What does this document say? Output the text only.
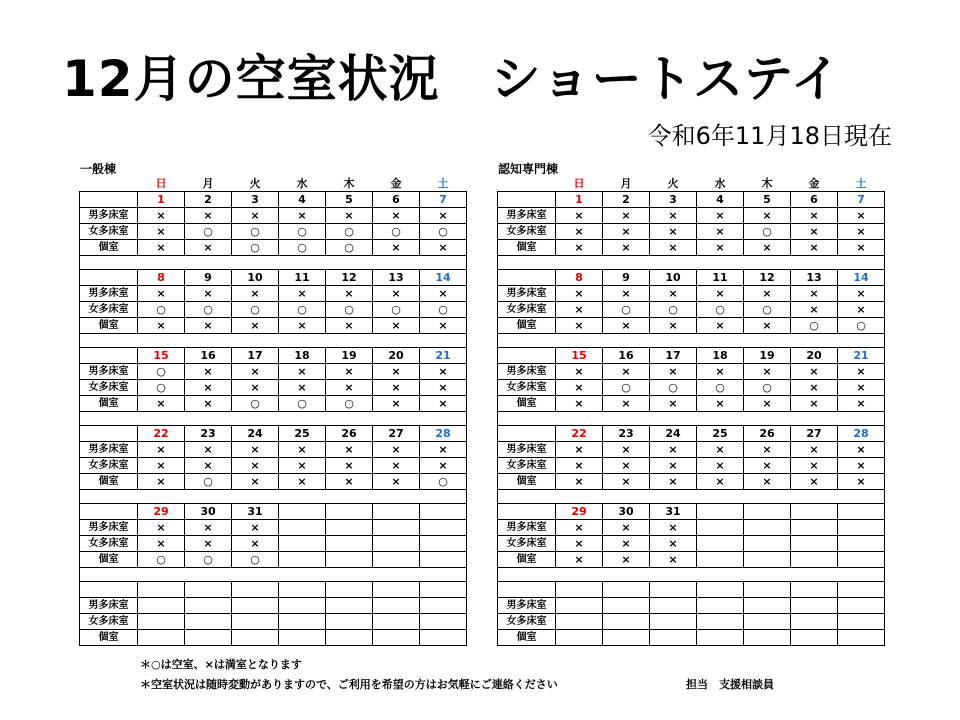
12月の空室状況　ショートステイ
令和6年11月18日現在
一般棟
	日	月	火	水	木	金	土
	1	2	3	4	5	6	7
男多床室	×	×	×	×	×	×	×
女多床室	×	○	○	○	○	○	○
個室	×	×	○	○	○	×	×

	8	9	10	11	12	13	14
男多床室	×	×	×	×	×	×	×
女多床室	○	○	○	○	○	○	○
個室	×	×	×	×	×	×	×

	15	16	17	18	19	20	21
男多床室	○	×	×	×	×	×	×
女多床室	○	×	×	×	×	×	×
個室	×	×	○	○	○	×	×

	22	23	24	25	26	27	28
男多床室	×	×	×	×	×	×	×
女多床室	×	×	×	×	×	×	×
個室	×	○	×	×	×	×	○

	29	30	31				
男多床室	×	×	×				
女多床室	×	×	×				
個室	○	○	○				

男多床室							
女多床室							
個室							
認知専門棟
	日	月	火	水	木	金	土
	1	2	3	4	5	6	7
男多床室	×	×	×	×	×	×	×
女多床室	×	×	×	×	○	×	×
個室	×	×	×	×	×	×	×

	8	9	10	11	12	13	14
男多床室	×	×	×	×	×	×	×
女多床室	×	○	○	○	○	×	×
個室	×	×	×	×	×	○	○

	15	16	17	18	19	20	21
男多床室	×	×	×	×	×	×	×
女多床室	×	○	○	○	○	×	×
個室	×	×	×	×	×	×	×

	22	23	24	25	26	27	28
男多床室	×	×	×	×	×	×	×
女多床室	×	×	×	×	×	×	×
個室	×	×	×	×	×	×	×

	29	30	31				
男多床室	×	×	×				
女多床室	×	×	×				
個室	×	×	×				

男多床室							
女多床室							
個室							
＊○は空室、×は満室となります
＊空室状況は随時変動がありますので、ご利用を希望の方はお気軽にご連絡ください	担当　支援相談員
